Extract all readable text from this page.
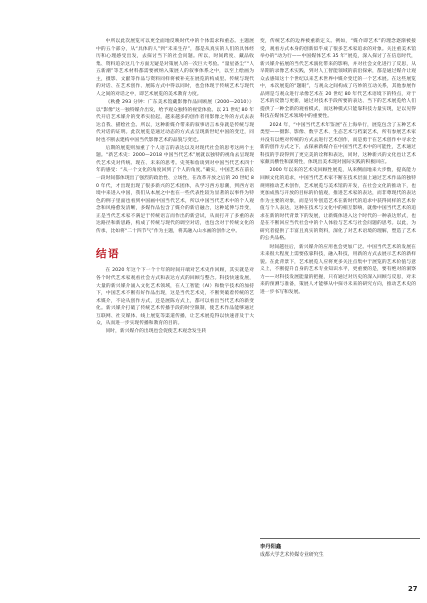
中所以此次展览可以更全面地反映时代中的个体需求和重态。主题展中的五个部分，从“具体的人”到“未来生存”，都是从真实的人们的具体经历和心理感受出发，去探讨当下的社会问题。所以，时间跨度、藏品收集、资料追杂这几个方面无疑是对策展人的一次巨大考验。“量星备尘”“人五新潮”等艺术材料都需要被纳入策展人的叙事体系之中，以至上绘画为主，摄影、文献等作品与资料同样将被补充在展览的构成里。传统与现代的对话、在艺术创作、展陈方式中得以同时，也会体现于传统艺术与现代人之间的对话之中，即艺术展览的美术教育力度。

《秋叠 293 分钟：广东美术馆藏影像作品回顾展（2000—2010）》以“影像”这一独特媒介出发，给予观众独特的视觉体验。以 21 世纪 80 年代开启艺术媒介的变革实验起，越来越多的创作者用影像之外的方式去表达自我、描绘社会。所以，这种新媒介带来的叙事语言本身就是传统与现代对话的证明。此次展览是通过动态的方式去呈现新世纪中国的变迁，同时也不断去建构中国当代影像艺术的品貌与变迁。

后期的展览则加重了个人语言的表达以及对现代社会的思考这两个主题。“新艺术史：2000—2018 中国当代艺术”展就以独特的视角去呈现现代艺术史对传统、现在、未来的思考。史英和詹谈到对中国当代艺术四十年的感受：“从一个文化的角度回到了个人的角度。”确实，中国艺术在前长一段时间都体现出了强烈的政治性、立场性，在改革开放之后的 20 世纪 80 年代，才出现出现了很多新兴的艺术团体，从学习西方思潮，到西方语境中来进入中国，我们从本展之中也在一些代表性较为显著的以事件为特色的例子里面也看到中国画中国当代艺术，所以中国当代艺术中的个人观念和风格愈发清晰，多媒作品包含了媒介的新启融合，这种延伸与异变，正是当代艺术家不满足于传统语言而作出的新尝试，从而打开了多重的表达路径和新思路，构成了传统与现代的调空对话，也包含对于传统文化的传承，比如将“二十四节气”作为主题，将其融入山水画的创作之中。

结语

在 2020 年这个下一个十年的时间开端对艺术史作回顾，其实就是对各个时代艺术家观看社会方式和表达方式的回顾与整合。科技快速发展，大量的新兴媒介涌入文化艺术领域，在人工智能（AI）和数字技术的加持下，中国艺术不断有好作品出现，这是当代艺术史，不断突破着传统的艺术媒介，不论从创作方式，还是展陈方式上，都可以看出当代艺术的新变化。新兴媒介打破了传统艺术传播手段的时空限制，使艺术作品能够通过互联网、社交媒体、线上展览等渠道传播，让艺术展览得以快速普及于大众，从而进一步实现传播和教育的目的。

同时，新兴媒介的出现也会促使艺术观念发生转

变，传统艺术的边界被重新定义。例如，“媒介即艺术”的理念逐渐被接受，观看方式本身的创新似乎成了很多艺术家追求的对象。关注重美术馆举办的“动为行——中国媒体艺术 35 年”展览，深入探讨了在信息时代，新兴媒介拓展的当代艺术演化带来的影响，并对社会文化进行了反思，从早期的录像艺术实践，到对人工智能领域的前沿探索，都是通过媒介让观众去感知这十个世纪以来艺术世界中媒介变迁的一个艺术展。在这些展览中，本次展览的“题眼”，与观众之间构成了巧妙的互动关系，其他参展作品则是与观众进行录像艺术在 20 世纪 80 年代艺术语境下的特点，对于艺术的反馈与更新，通过对技术手段所要的表达、当下的艺术展览给人们提供了一种全新的观看模式，而这种模式只能靠科技力量实现，足以见得科技在媒体艺术领域中的重要性。

2024 年，“中国当代艺术年鉴展”在上海举行，展览包含了五种艺术类型——摄影、影像、数字艺术、生态艺术与档案艺术，所有参展艺术家并没有以绝对传统的方式去进行艺术创作，而是勇于在艺术创作中寻求全新的创作方式之下，去探索新媒介在中国当代艺术中的可能性，艺术通过科技的手段得到了更完美的诠释和表达，同时，这种新兴的文化也让艺术家颇具横性和深刻性，体现出美术现对国际实践的积极回应。

2000 年以来的艺术史回顾性展览，从来侧面地来大步数，提高能力回顾文化的追求，中国当代艺术家不断在技术层面上通过艺术作品的独特规则推动艺术创作，艺术展览与美术馆的开发，在社会文化的推动下，也更加成熟与开放的目标的价值观，推进艺术家的表达，而非尊现代的表达作为主要的对象，而是另外创造艺术在新时代的追求中获得同样的艺术价值与个人表达，这种在技术与文化中的相互影响，就像中国当代艺术的追求在新的时代背景下的发展，让新媒体进入这个时代的一种表达形式，也是在不断回应当代社会中的个人体验与艺术与社会问题的思考。以此，为研究者提供了丰富且真实的资料，深化了对艺术语境的理解，塑造了艺术的公共品格。

时间越往后，新兴媒介的应用也会更加广泛。中国当代艺术的发展在未来很大程度上需要依靠科技，融入科技，用新的方式去展示艺术的新样貌。在此背景下，艺术展览人应将更多关注点集中于展览的艺术价值与意义上，不断提升自身的艺术专业知识水平，更重要的是，要有绝对的洞察力——对科技发展能量的把握，只有通过对历史的深入回顾与反思，对未来的预测与准备，策展人才能够从中探寻未来的研究方向，推动艺术史的进一步书写和发展。

李丹阳鑫
成都大学艺术传媒专业研究生
27
